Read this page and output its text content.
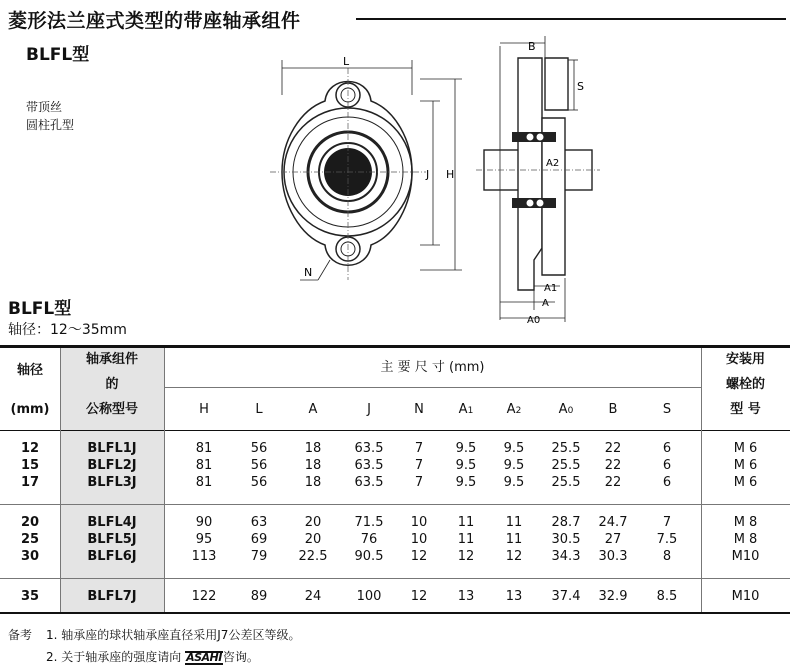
菱形法兰座式类型的带座轴承组件
BLFL型
带顶丝
圆柱孔型
L
J H
N
B
S
A2
A1
A
A0
BLFL型
轴径：12～35mm
轴径
(mm)
轴承组件
的
公称型号
主 要 尺 寸 (mm)
安装用
螺栓的
型 号
H	L	A	J	N	A1	A2	A0	B	S
12	BLFL1J	81	56	18	63.5	7	9.5	9.5	25.5	22	6	M 6
15	BLFL2J	81	56	18	63.5	7	9.5	9.5	25.5	22	6	M 6
17	BLFL3J	81	56	18	63.5	7	9.5	9.5	25.5	22	6	M 6
20	BLFL4J	90	63	20	71.5	10	11	11	28.7	24.7	7	M 8
25	BLFL5J	95	69	20	76	10	11	11	30.5	27	7.5	M 8
30	BLFL6J	113	79	22.5	90.5	12	12	12	34.3	30.3	8	M10
35	BLFL7J	122	89	24	100	12	13	13	37.4	32.9	8.5	M10
备考 1. 轴承座的球状轴承座直径采用J7公差区等级。
2. 关于轴承座的强度请向 ASAHI咨询。
